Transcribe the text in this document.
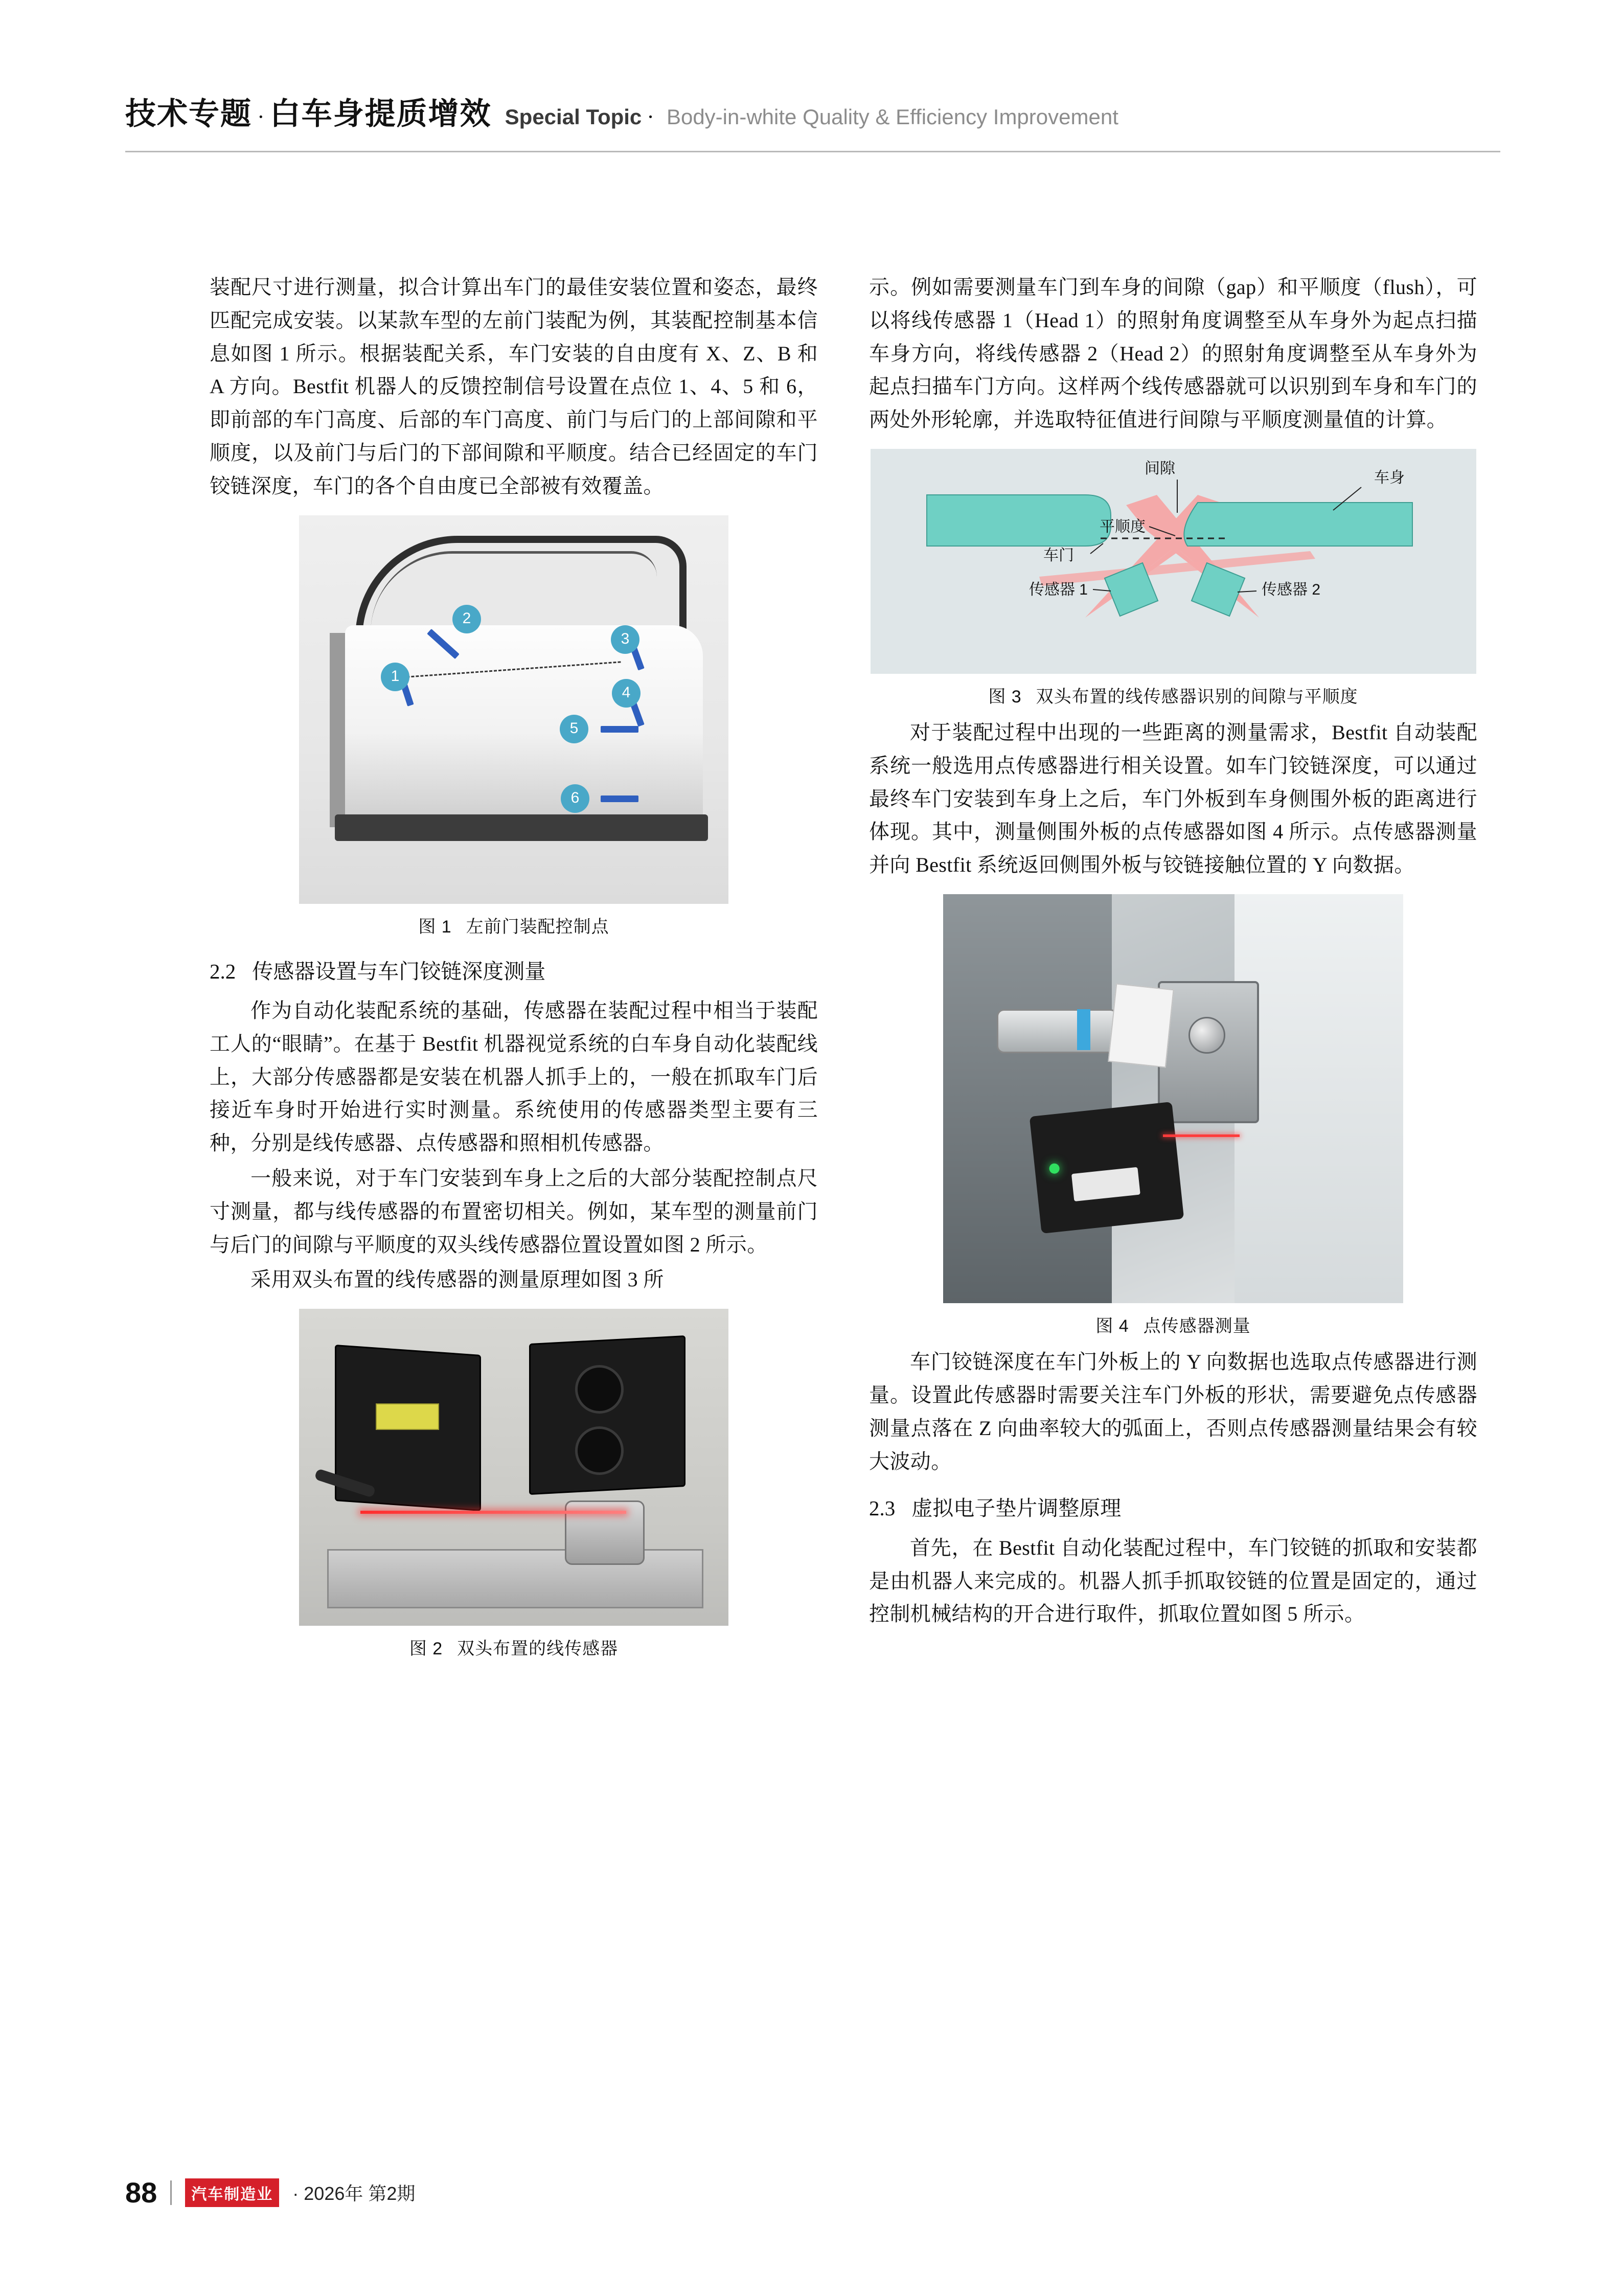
技术专题 · 白车身提质增效 Special Topic · Body-in-white Quality & Efficiency Improvement

装配尺寸进行测量，拟合计算出车门的最佳安装位置和姿态，最终匹配完成安装。以某款车型的左前门装配为例，其装配控制基本信息如图 1 所示。根据装配关系，车门安装的自由度有 X、Z、B 和 A 方向。Bestfit 机器人的反馈控制信号设置在点位 1、4、5 和 6，即前部的车门高度、后部的车门高度、前门与后门的上部间隙和平顺度，以及前门与后门的下部间隙和平顺度。结合已经固定的车门铰链深度，车门的各个自由度已全部被有效覆盖。

1
2
3
4
5
6
图 1 左前门装配控制点
2.2 传感器设置与车门铰链深度测量

作为自动化装配系统的基础，传感器在装配过程中相当于装配工人的“眼睛”。在基于 Bestfit 机器视觉系统的白车身自动化装配线上，大部分传感器都是安装在机器人抓手上的，一般在抓取车门后接近车身时开始进行实时测量。系统使用的传感器类型主要有三种，分别是线传感器、点传感器和照相机传感器。

一般来说，对于车门安装到车身上之后的大部分装配控制点尺寸测量，都与线传感器的布置密切相关。例如，某车型的测量前门与后门的间隙与平顺度的双头线传感器位置设置如图 2 所示。

采用双头布置的线传感器的测量原理如图 3 所

图 2 双头布置的线传感器

示。例如需要测量车门到车身的间隙（gap）和平顺度（flush），可以将线传感器 1（Head 1）的照射角度调整至从车身外为起点扫描车身方向，将线传感器 2（Head 2）的照射角度调整至从车身外为起点扫描车门方向。这样两个线传感器就可以识别到车身和车门的两处外形轮廓，并选取特征值进行间隙与平顺度测量值的计算。

间隙
车身
平顺度
车门
传感器 1	传感器 2
图 3 双头布置的线传感器识别的间隙与平顺度

对于装配过程中出现的一些距离的测量需求，Bestfit 自动装配系统一般选用点传感器进行相关设置。如车门铰链深度，可以通过最终车门安装到车身上之后，车门外板到车身侧围外板的距离进行体现。其中，测量侧围外板的点传感器如图 4 所示。点传感器测量并向 Bestfit 系统返回侧围外板与铰链接触位置的 Y 向数据。

图 4 点传感器测量

车门铰链深度在车门外板上的 Y 向数据也选取点传感器进行测量。设置此传感器时需要关注车门外板的形状，需要避免点传感器测量点落在 Z 向曲率较大的弧面上，否则点传感器测量结果会有较大波动。

2.3 虚拟电子垫片调整原理

首先，在 Bestfit 自动化装配过程中，车门铰链的抓取和安装都是由机器人来完成的。机器人抓手抓取铰链的位置是固定的，通过控制机械结构的开合进行取件，抓取位置如图 5 所示。

88	汽车制造业	· 2026年 第2期
